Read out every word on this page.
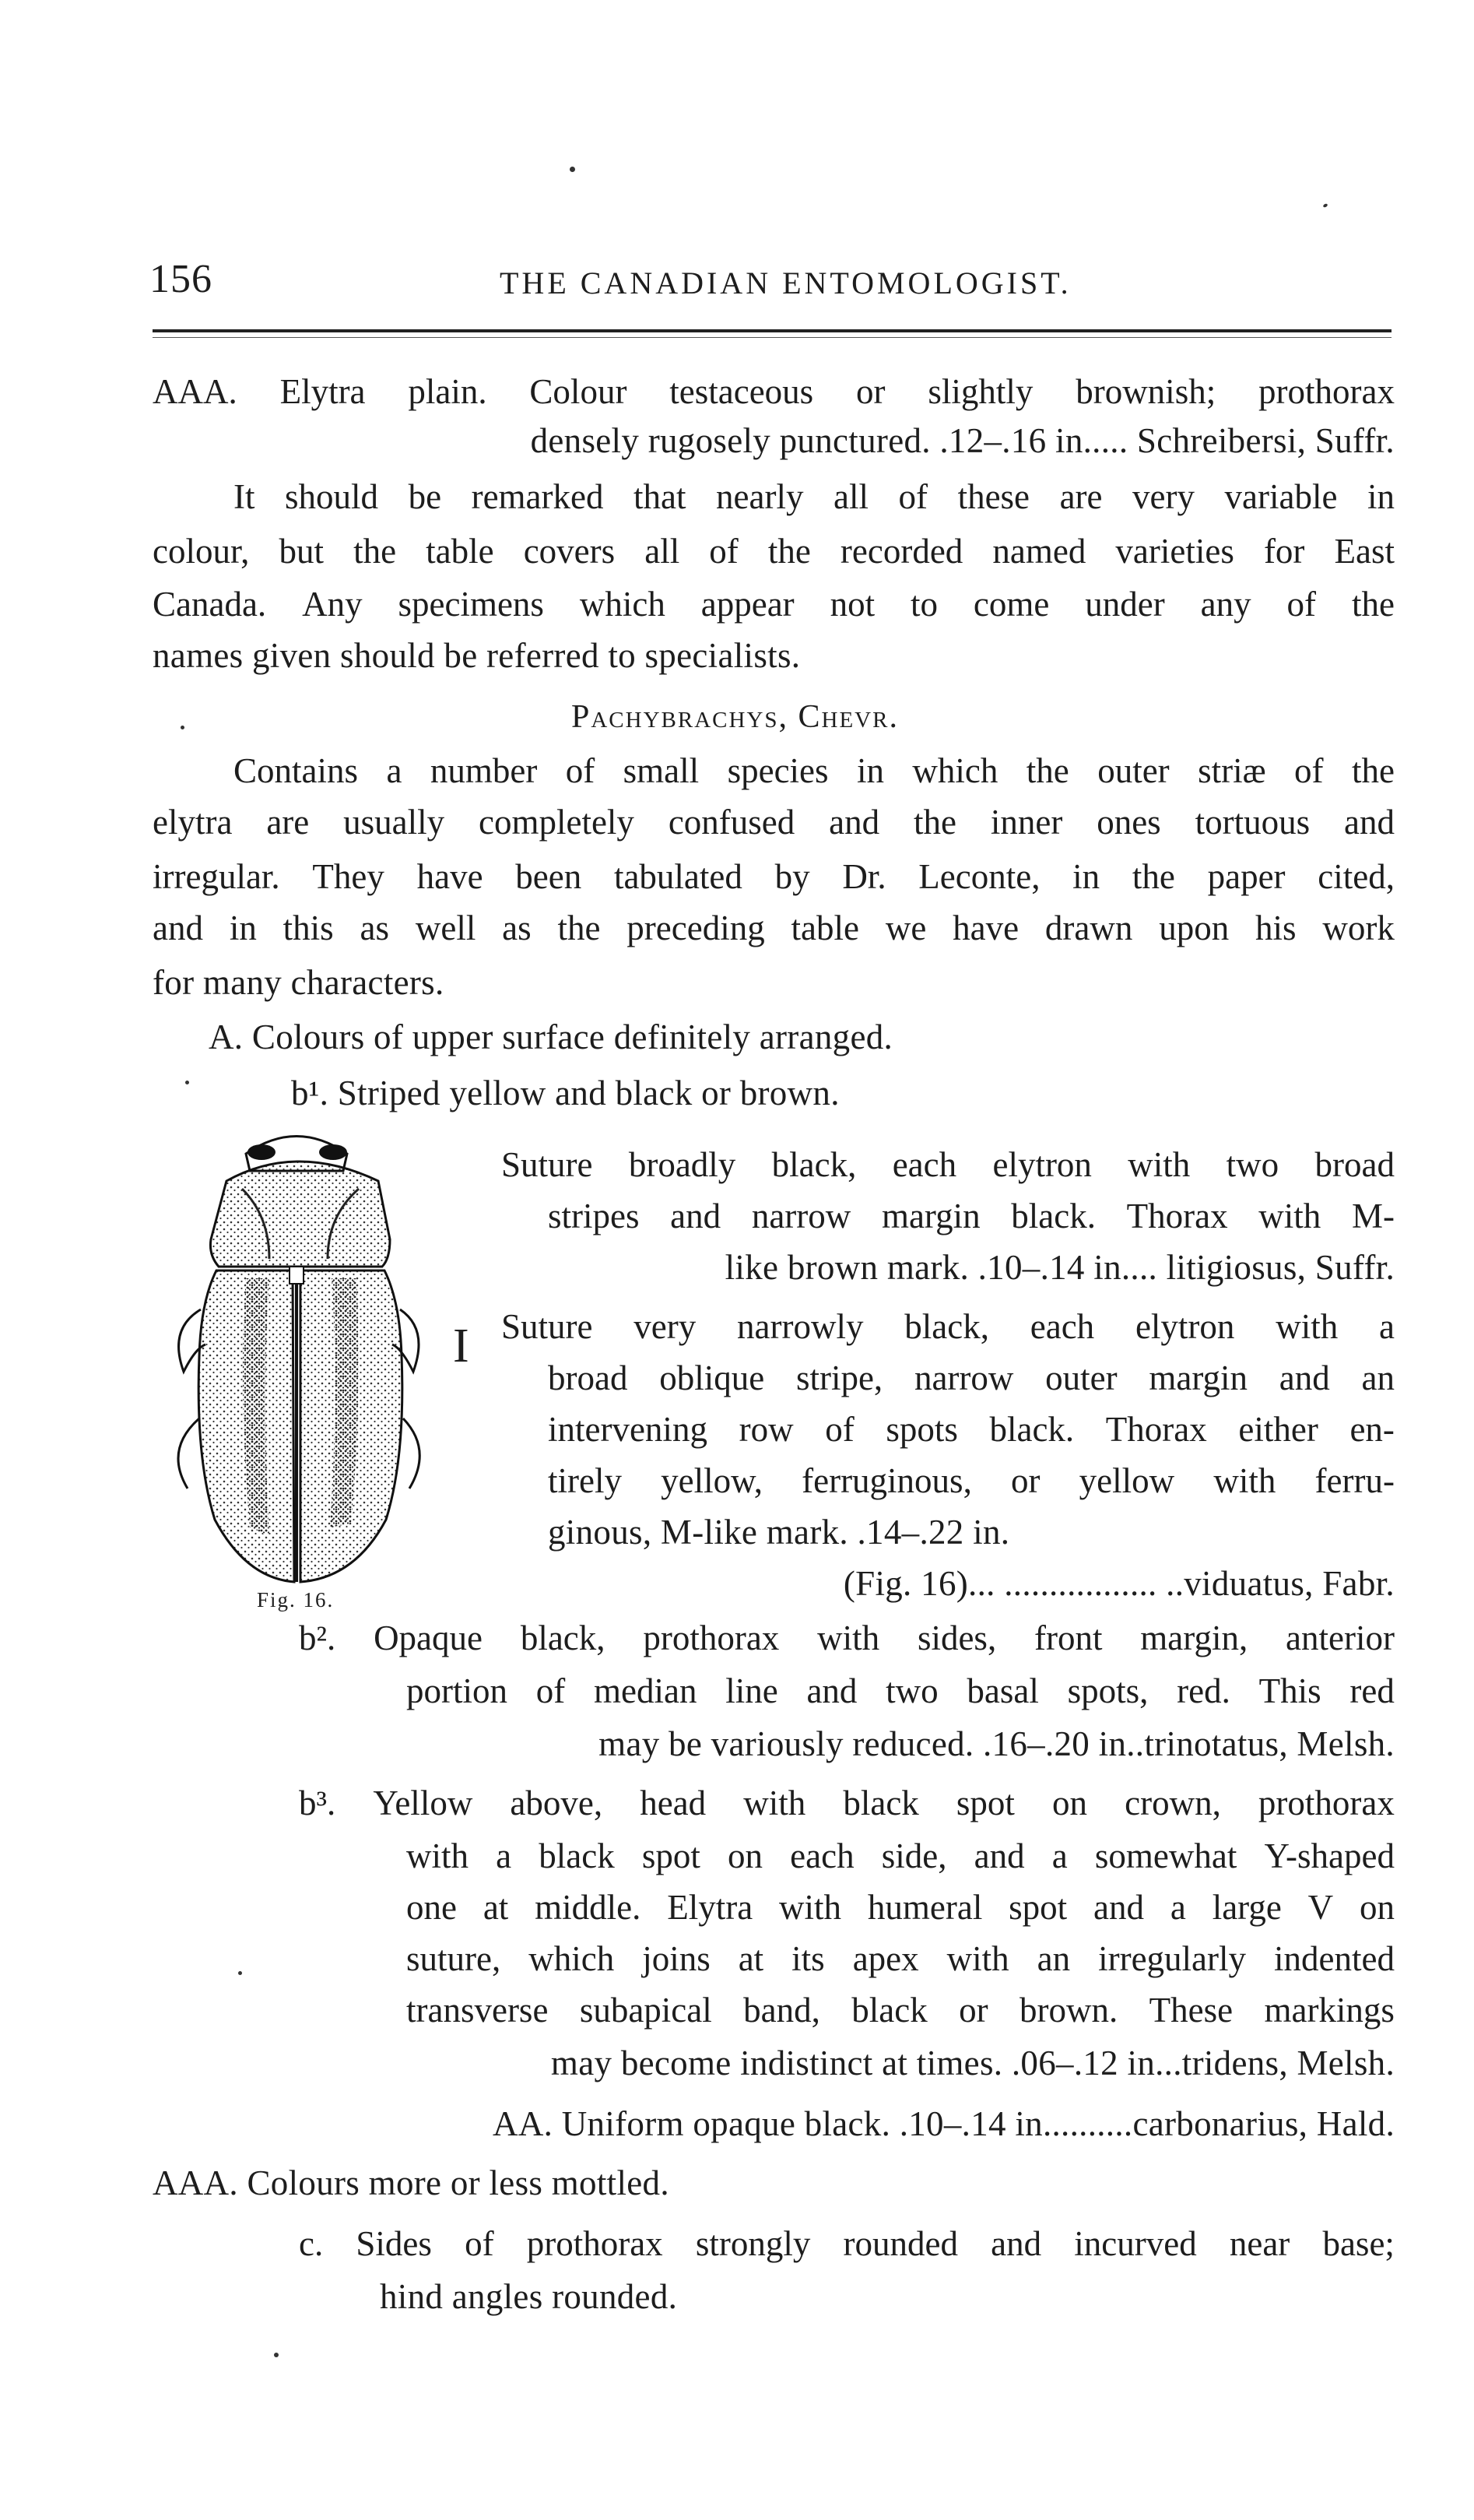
156	THE CANADIAN ENTOMOLOGIST.
AAA. Elytra plain. Colour testaceous or slightly brownish; prothorax
densely rugosely punctured. .12–.16 in..... Schreibersi, Suffr.
It should be remarked that nearly all of these are very variable in
colour, but the table covers all of the recorded named varieties for East
Canada. Any specimens which appear not to come under any of the
names given should be referred to specialists.
Pachybrachys, Chevr.
Contains a number of small species in which the outer striæ of the
elytra are usually completely confused and the inner ones tortuous and
irregular. They have been tabulated by Dr. Leconte, in the paper cited,
and in this as well as the preceding table we have drawn upon his work
for many characters.
A. Colours of upper surface definitely arranged.
b¹. Striped yellow and black or brown.
Fig. 16.
I
Suture broadly black, each elytron with two broad
stripes and narrow margin black. Thorax with M-
like brown mark. .10–.14 in.... litigiosus, Suffr.
Suture very narrowly black, each elytron with a
broad oblique stripe, narrow outer margin and an
intervening row of spots black. Thorax either en-
tirely yellow, ferruginous, or yellow with ferru-
ginous, M-like mark. .14–.22 in.
(Fig. 16)... ................. ..viduatus, Fabr.
b². Opaque black, prothorax with sides, front margin, anterior
portion of median line and two basal spots, red. This red
may be variously reduced. .16–.20 in..trinotatus, Melsh.
b³. Yellow above, head with black spot on crown, prothorax
with a black spot on each side, and a somewhat Y-shaped
one at middle. Elytra with humeral spot and a large V on
suture, which joins at its apex with an irregularly indented
transverse subapical band, black or brown. These markings
may become indistinct at times. .06–.12 in...tridens, Melsh.
AA. Uniform opaque black. .10–.14 in..........carbonarius, Hald.
AAA. Colours more or less mottled.
c. Sides of prothorax strongly rounded and incurved near base;
hind angles rounded.
